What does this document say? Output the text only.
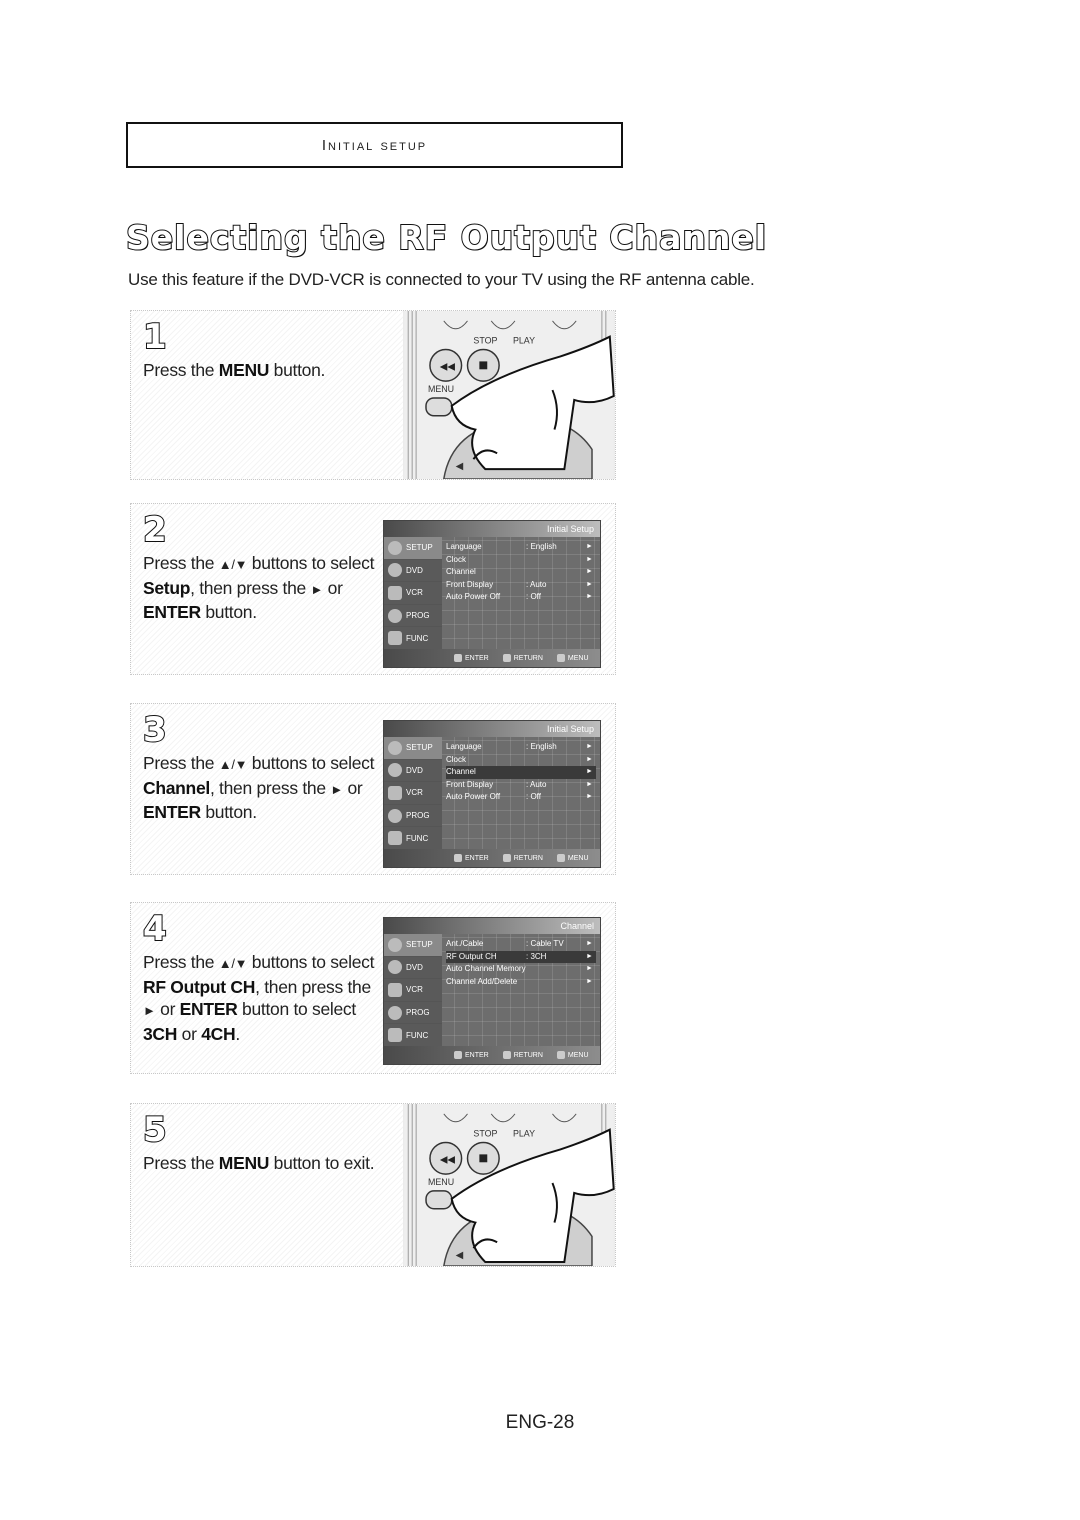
Initial setup
Selecting the RF Output Channel
Use this feature if the DVD-VCR is connected to your TV using the RF antenna cable.
1
Press the MENU button.
STOP PLAY
◀◀
MENU
◀
2
Press the ▲/▼ buttons to select Setup, then press the ► or ENTER button.
Initial Setup
SETUP
DVD
VCR
PROG
FUNC
Language	: English	►
Clock	►
Channel	►
Front Display	: Auto	►
Auto Power Off	: Off	►
ENTER	RETURN	MENU
3
Press the ▲/▼ buttons to select Channel, then press the ► or ENTER button.
Initial Setup
SETUP
DVD
VCR
PROG
FUNC
Language	: English	►
Clock	►
Channel	►
Front Display	: Auto	►
Auto Power Off	: Off	►
ENTER	RETURN	MENU
4
Press the ▲/▼ buttons to select RF Output CH, then press the ► or ENTER button to select 3CH or 4CH.
Channel
SETUP
DVD
VCR
PROG
FUNC
Ant./Cable	: Cable TV	►
RF Output CH	: 3CH	►
Auto Channel Memory	►
Channel Add/Delete	►
ENTER	RETURN	MENU
5
Press the MENU button to exit.
STOP PLAY
◀◀
MENU
◀
ENG-28
